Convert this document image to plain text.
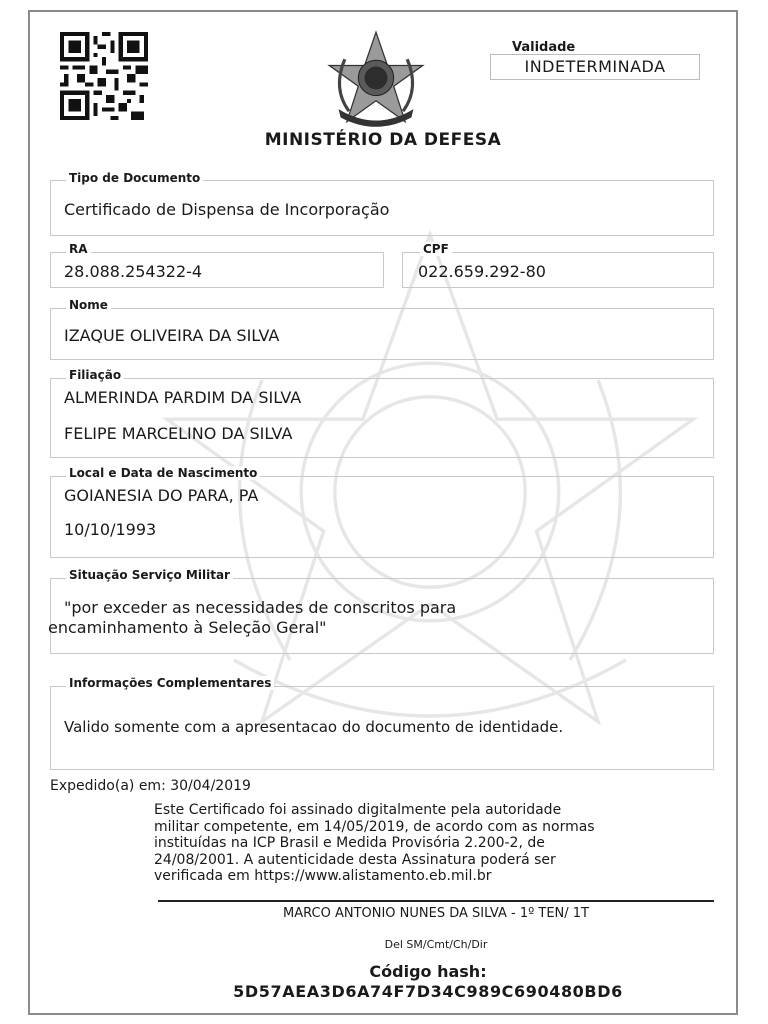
Validade
INDETERMINADA
MINISTÉRIO DA DEFESA
Tipo de Documento
Certificado de Dispensa de Incorporação
RA
28.088.254322-4
CPF
022.659.292-80
Nome
IZAQUE OLIVEIRA DA SILVA
Filiação
ALMERINDA PARDIM DA SILVA
FELIPE MARCELINO DA SILVA
Local e Data de Nascimento
GOIANESIA DO PARA, PA
10/10/1993
Situação Serviço Militar
"por exceder as necessidades de conscritos para
encaminhamento à Seleção Geral"
Informações Complementares
Valido somente com a apresentacao do documento de identidade.
Expedido(a) em: 30/04/2019
Este Certificado foi assinado digitalmente pela autoridade
militar competente, em 14/05/2019, de acordo com as normas
instituídas na ICP Brasil e Medida Provisória 2.200-2, de
24/08/2001. A autenticidade desta Assinatura poderá ser
verificada em https://www.alistamento.eb.mil.br
MARCO ANTONIO NUNES DA SILVA - 1º TEN/ 1T
Del SM/Cmt/Ch/Dir
Código hash:
5D57AEA3D6A74F7D34C989C690480BD6
